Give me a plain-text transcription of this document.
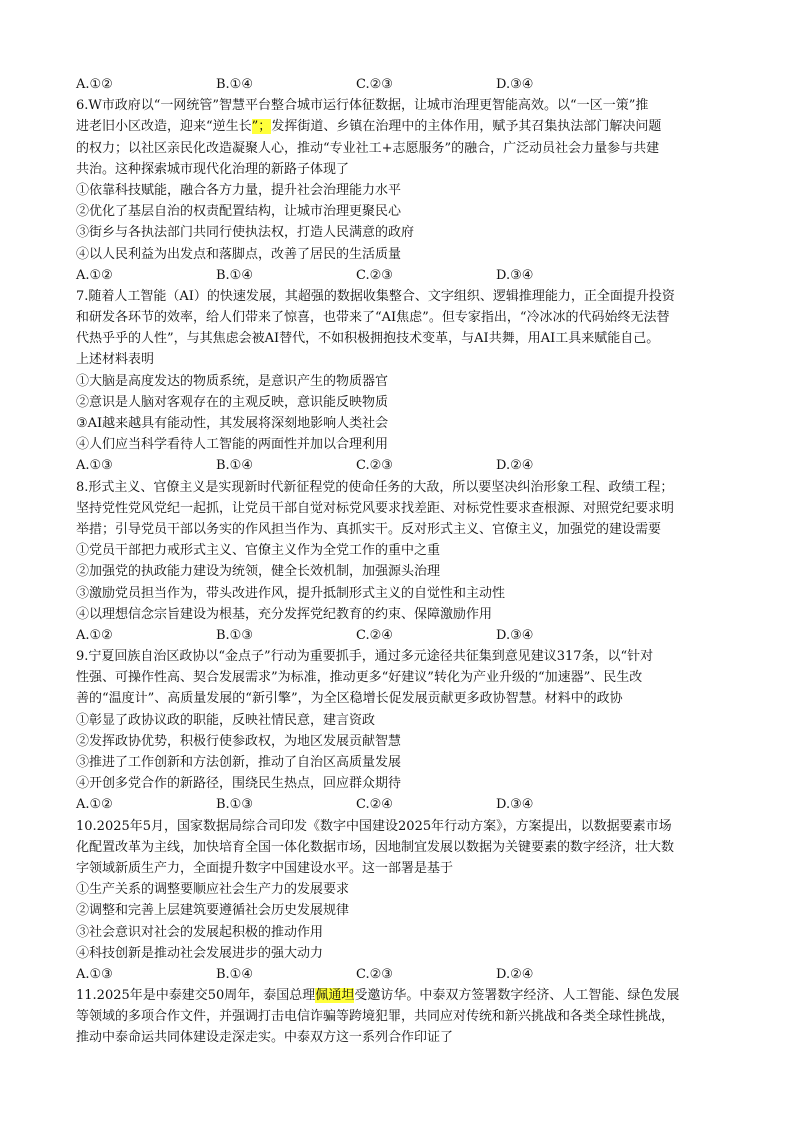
A.①②	B.①④	C.②③	D.③④
6.W市政府以“一网统管”智慧平台整合城市运行体征数据，让城市治理更智能高效。以“一区一策”推
进老旧小区改造，迎来“逆生长”；发挥街道、乡镇在治理中的主体作用，赋予其召集执法部门解决问题
的权力；以社区亲民化改造凝聚人心，推动“专业社工+志愿服务”的融合，广泛动员社会力量参与共建
共治。这种探索城市现代化治理的新路子体现了
①依靠科技赋能，融合各方力量，提升社会治理能力水平
②优化了基层自治的权责配置结构，让城市治理更聚民心
③街乡与各执法部门共同行使执法权，打造人民满意的政府
④以人民利益为出发点和落脚点，改善了居民的生活质量
A.①②	B.①④	C.②③	D.③④
7.随着人工智能（AI）的快速发展，其超强的数据收集整合、文字组织、逻辑推理能力，正全面提升投资
和研发各环节的效率，给人们带来了惊喜，也带来了“AI焦虑”。但专家指出，“冷冰冰的代码始终无法替
代热乎乎的人性”，与其焦虑会被AI替代，不如积极拥抱技术变革，与AI共舞，用AI工具来赋能自己。
上述材料表明
①大脑是高度发达的物质系统，是意识产生的物质器官
②意识是人脑对客观存在的主观反映，意识能反映物质
③AI越来越具有能动性，其发展将深刻地影响人类社会
④人们应当科学看待人工智能的两面性并加以合理利用
A.①③	B.①④	C.②③	D.②④
8.形式主义、官僚主义是实现新时代新征程党的使命任务的大敌，所以要坚决纠治形象工程、政绩工程；
坚持党性党风党纪一起抓，让党员干部自觉对标党风要求找差距、对标党性要求查根源、对照党纪要求明
举措；引导党员干部以务实的作风担当作为、真抓实干。反对形式主义、官僚主义，加强党的建设需要
①党员干部把力戒形式主义、官僚主义作为全党工作的重中之重
②加强党的执政能力建设为统领，健全长效机制，加强源头治理
③激励党员担当作为，带头改进作风，提升抵制形式主义的自觉性和主动性
④以理想信念宗旨建设为根基，充分发挥党纪教育的约束、保障激励作用
A.①②	B.①③	C.②④	D.③④
9.宁夏回族自治区政协以“金点子”行动为重要抓手，通过多元途径共征集到意见建议317条，以“针对
性强、可操作性高、契合发展需求”为标准，推动更多“好建议”转化为产业升级的“加速器”、民生改
善的“温度计”、高质量发展的“新引擎”，为全区稳增长促发展贡献更多政协智慧。材料中的政协
①彰显了政协议政的职能，反映社情民意，建言资政
②发挥政协优势，积极行使参政权，为地区发展贡献智慧
③推进了工作创新和方法创新，推动了自治区高质量发展
④开创多党合作的新路径，围绕民生热点，回应群众期待
A.①②	B.①③	C.②④	D.③④
10.2025年5月，国家数据局综合司印发《数字中国建设2025年行动方案》，方案提出，以数据要素市场
化配置改革为主线，加快培育全国一体化数据市场，因地制宜发展以数据为关键要素的数字经济，壮大数
字领域新质生产力，全面提升数字中国建设水平。这一部署是基于
①生产关系的调整要顺应社会生产力的发展要求
②调整和完善上层建筑要遵循社会历史发展规律
③社会意识对社会的发展起积极的推动作用
④科技创新是推动社会发展进步的强大动力
A.①③	B.①④	C.②③	D.②④
11.2025年是中泰建交50周年，泰国总理佩通坦受邀访华。中泰双方签署数字经济、人工智能、绿色发展
等领域的多项合作文件，并强调打击电信诈骗等跨境犯罪，共同应对传统和新兴挑战和各类全球性挑战，
推动中泰命运共同体建设走深走实。中泰双方这一系列合作印证了
